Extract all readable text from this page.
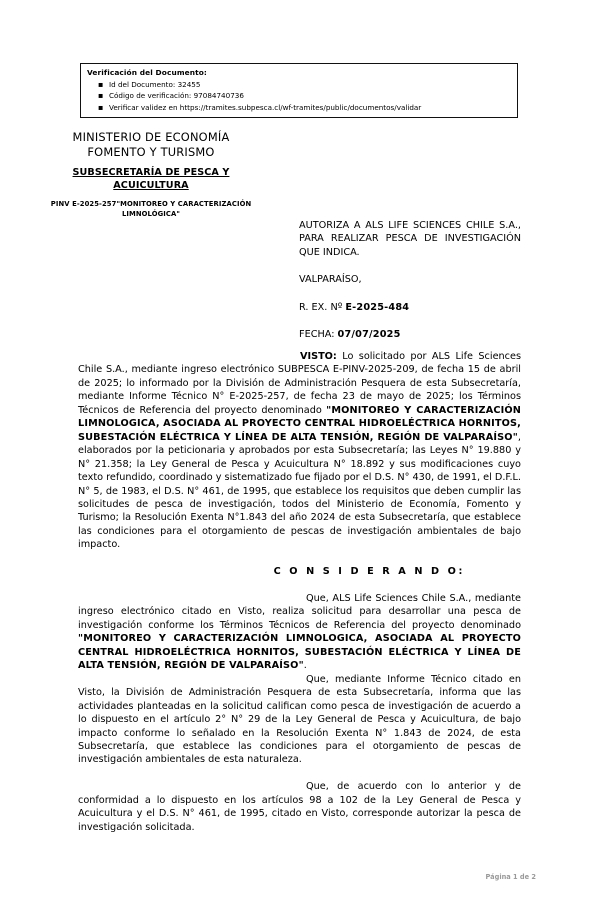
Verificación del Documento:
▪ Id del Documento: 32455
▪ Código de verificación: 97084740736
▪ Verificar validez en https://tramites.subpesca.cl/wf-tramites/public/documentos/validar
MINISTERIO DE ECONOMÍA
FOMENTO Y TURISMO
SUBSECRETARÍA DE PESCA Y
ACUICULTURA
PINV E-2025-257"MONITOREO Y CARACTERIZACIÓN LIMNOLÓGICA"
AUTORIZA A ALS LIFE SCIENCES CHILE S.A., PARA REALIZAR PESCA DE INVESTIGACIÓN QUE INDICA.
VALPARAÍSO,
R. EX. Nº E-2025-484
FECHA: 07/07/2025

VISTO: Lo solicitado por ALS Life Sciences Chile S.A., mediante ingreso electrónico SUBPESCA E-PINV-2025-209, de fecha 15 de abril de 2025; lo informado por la División de Administración Pesquera de esta Subsecretaría, mediante Informe Técnico N° E-2025-257, de fecha 23 de mayo de 2025; los Términos Técnicos de Referencia del proyecto denominado "MONITOREO Y CARACTERIZACIÓN LIMNOLOGICA, ASOCIADA AL PROYECTO CENTRAL HIDROELÉCTRICA HORNITOS, SUBESTACIÓN ELÉCTRICA Y LÍNEA DE ALTA TENSIÓN, REGIÓN DE VALPARAÍSO", elaborados por la peticionaria y aprobados por esta Subsecretaría; las Leyes N° 19.880 y N° 21.358; la Ley General de Pesca y Acuicultura N° 18.892 y sus modificaciones cuyo texto refundido, coordinado y sistematizado fue fijado por el D.S. N° 430, de 1991, el D.F.L. N° 5, de 1983, el D.S. N° 461, de 1995, que establece los requisitos que deben cumplir las solicitudes de pesca de investigación, todos del Ministerio de Economía, Fomento y Turismo; la Resolución Exenta N°1.843 del año 2024 de esta Subsecretaría, que establece las condiciones para el otorgamiento de pescas de investigación ambientales de bajo impacto.

C O N S I D E R A N D O:

Que, ALS Life Sciences Chile S.A., mediante ingreso electrónico citado en Visto, realiza solicitud para desarrollar una pesca de investigación conforme los Términos Técnicos de Referencia del proyecto denominado "MONITOREO Y CARACTERIZACIÓN LIMNOLOGICA, ASOCIADA AL PROYECTO CENTRAL HIDROELÉCTRICA HORNITOS, SUBESTACIÓN ELÉCTRICA Y LÍNEA DE ALTA TENSIÓN, REGIÓN DE VALPARAÍSO".

Que, mediante Informe Técnico citado en Visto, la División de Administración Pesquera de esta Subsecretaría, informa que las actividades planteadas en la solicitud califican como pesca de investigación de acuerdo a lo dispuesto en el artículo 2° N° 29 de la Ley General de Pesca y Acuicultura, de bajo impacto conforme lo señalado en la Resolución Exenta N° 1.843 de 2024, de esta Subsecretaría, que establece las condiciones para el otorgamiento de pescas de investigación ambientales de esta naturaleza.

Que, de acuerdo con lo anterior y de conformidad a lo dispuesto en los artículos 98 a 102 de la Ley General de Pesca y Acuicultura y el D.S. N° 461, de 1995, citado en Visto, corresponde autorizar la pesca de investigación solicitada.

Página 1 de 2
